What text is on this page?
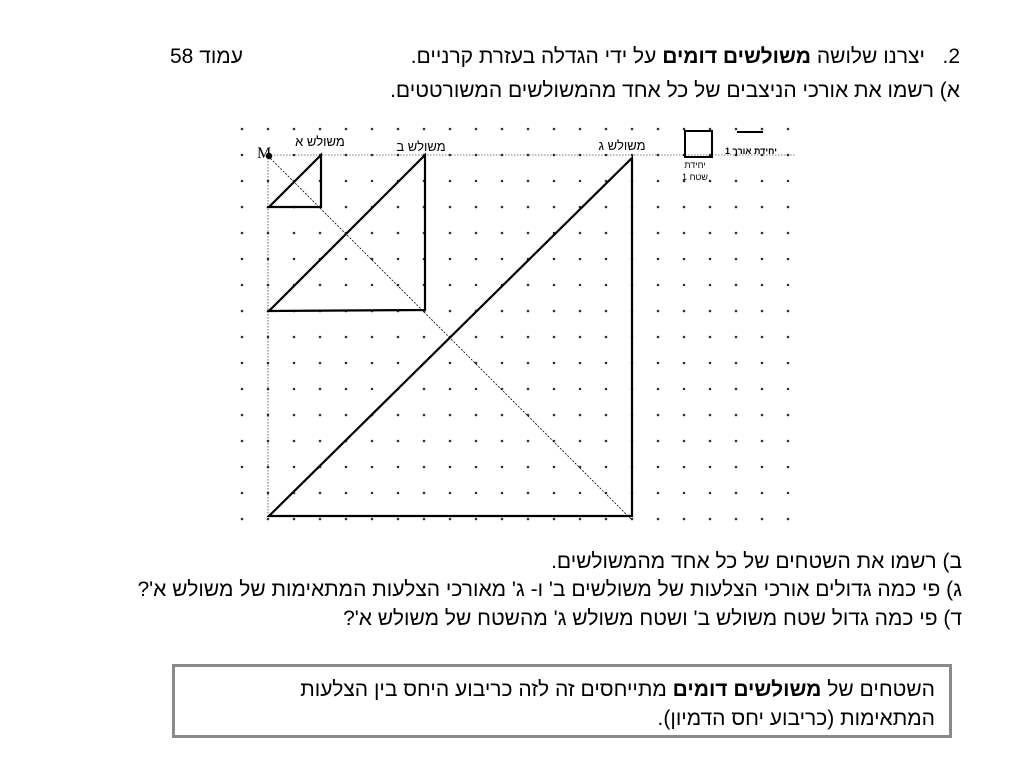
עמוד 58	2.   יצרנו שלושה משולשים דומים על ידי הגדלה בעזרת קרניים.
א) רשמו את אורכי הניצבים של כל אחד מהמשולשים המשורטטים.
M
משולש א	משולש ב	משולש ג
יחידת
שטח 1
יחידת אורך 1
ב) רשמו את השטחים של כל אחד מהמשולשים.
ג) פי כמה גדולים אורכי הצלעות של משולשים ב' ו- ג' מאורכי הצלעות המתאימות של משולש א'?
ד) פי כמה גדול שטח משולש ב' ושטח משולש ג' מהשטח של משולש א'?
השטחים של משולשים דומים מתייחסים זה לזה כריבוע היחס בין הצלעות
המתאימות (כריבוע יחס הדמיון).
